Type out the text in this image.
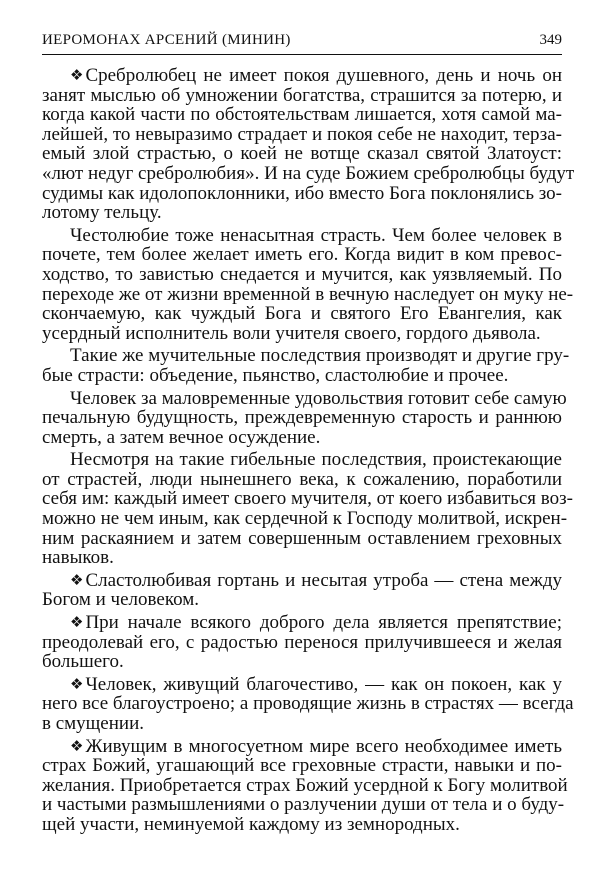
ИЕРОМОНАХ АРСЕНИЙ (МИНИН)	349
❖ Сребролюбец не имеет покоя душевного, день и ночь он
занят мыслью об умножении богатства, страшится за потерю, и
когда какой части по обстоятельствам лишается, хотя самой ма-
лейшей, то невыразимо страдает и покоя себе не находит, терза-
емый злой страстью, о коей не вотще сказал святой Златоуст:
«лют недуг сребролюбия». И на суде Божием сребролюбцы будут
судимы как идолопоклонники, ибо вместо Бога поклонялись зо-
лотому тельцу.
Честолюбие тоже ненасытная страсть. Чем более человек в
почете, тем более желает иметь его. Когда видит в ком превос-
ходство, то завистью снедается и мучится, как уязвляемый. По
переходе же от жизни временной в вечную наследует он муку не-
скончаемую, как чуждый Бога и святого Его Евангелия, как
усердный исполнитель воли учителя своего, гордого дьявола.
Такие же мучительные последствия производят и другие гру-
бые страсти: объедение, пьянство, сластолюбие и прочее.
Человек за маловременные удовольствия готовит себе самую
печальную будущность, преждевременную старость и раннюю
смерть, а затем вечное осуждение.
Несмотря на такие гибельные последствия, проистекающие
от страстей, люди нынешнего века, к сожалению, поработили
себя им: каждый имеет своего мучителя, от коего избавиться воз-
можно не чем иным, как сердечной к Господу молитвой, искрен-
ним раскаянием и затем совершенным оставлением греховных
навыков.
❖ Сластолюбивая гортань и несытая утроба — стена между
Богом и человеком.
❖ При начале всякого доброго дела является препятствие;
преодолевай его, с радостью перенося прилучившееся и желая
большего.
❖ Человек, живущий благочестиво, — как он покоен, как у
него все благоустроено; а проводящие жизнь в страстях — всегда
в смущении.
❖ Живущим в многосуетном мире всего необходимее иметь
страх Божий, угашающий все греховные страсти, навыки и по-
желания. Приобретается страх Божий усердной к Богу молитвой
и частыми размышлениями о разлучении души от тела и о буду-
щей участи, неминуемой каждому из земнородных.
